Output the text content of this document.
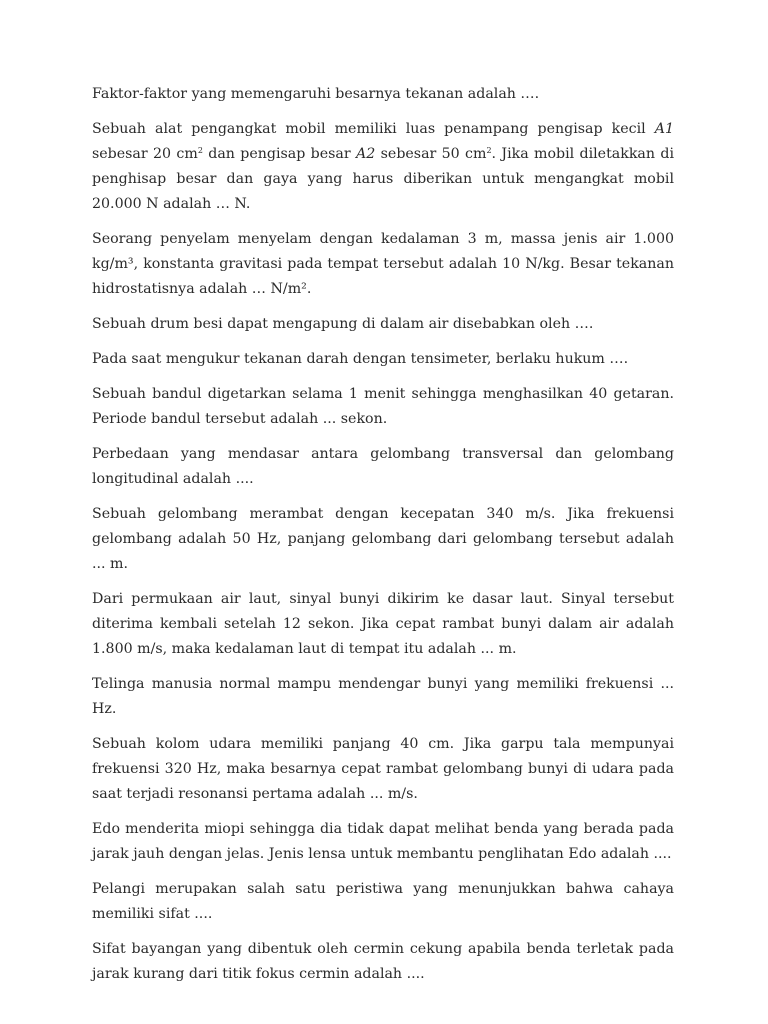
Faktor-faktor yang memengaruhi besarnya tekanan adalah ….

Sebuah alat pengangkat mobil memiliki luas penampang pengisap kecil A1 sebesar 20 $cm^2$ dan pengisap besar A2 sebesar 50 $cm^2$. Jika mobil diletakkan di penghisap besar dan gaya yang harus diberikan untuk mengangkat mobil 20.000 N adalah … N.

Seorang penyelam menyelam dengan kedalaman 3 m, massa jenis air 1.000 kg/m³, konstanta gravitasi pada tempat tersebut adalah 10 N/kg. Besar tekanan hidrostatisnya adalah … N/m².

Sebuah drum besi dapat mengapung di dalam air disebabkan oleh ….

Pada saat mengukur tekanan darah dengan tensimeter, berlaku hukum ….

Sebuah bandul digetarkan selama 1 menit sehingga menghasilkan 40 getaran. Periode bandul tersebut adalah ... sekon.

Perbedaan yang mendasar antara gelombang transversal dan gelombang longitudinal adalah ....

Sebuah gelombang merambat dengan kecepatan 340 m/s. Jika frekuensi gelombang adalah 50 Hz, panjang gelombang dari gelombang tersebut adalah ... m.

Dari permukaan air laut, sinyal bunyi dikirim ke dasar laut. Sinyal tersebut diterima kembali setelah 12 sekon. Jika cepat rambat bunyi dalam air adalah 1.800 m/s, maka kedalaman laut di tempat itu adalah ... m.

Telinga manusia normal mampu mendengar bunyi yang memiliki frekuensi ... Hz.

Sebuah kolom udara memiliki panjang 40 cm. Jika garpu tala mempunyai frekuensi 320 Hz, maka besarnya cepat rambat gelombang bunyi di udara pada saat terjadi resonansi pertama adalah ... m/s.

Edo menderita miopi sehingga dia tidak dapat melihat benda yang berada pada jarak jauh dengan jelas. Jenis lensa untuk membantu penglihatan Edo adalah ....

Pelangi merupakan salah satu peristiwa yang menunjukkan bahwa cahaya memiliki sifat ....

Sifat bayangan yang dibentuk oleh cermin cekung apabila benda terletak pada jarak kurang dari titik fokus cermin adalah ....
